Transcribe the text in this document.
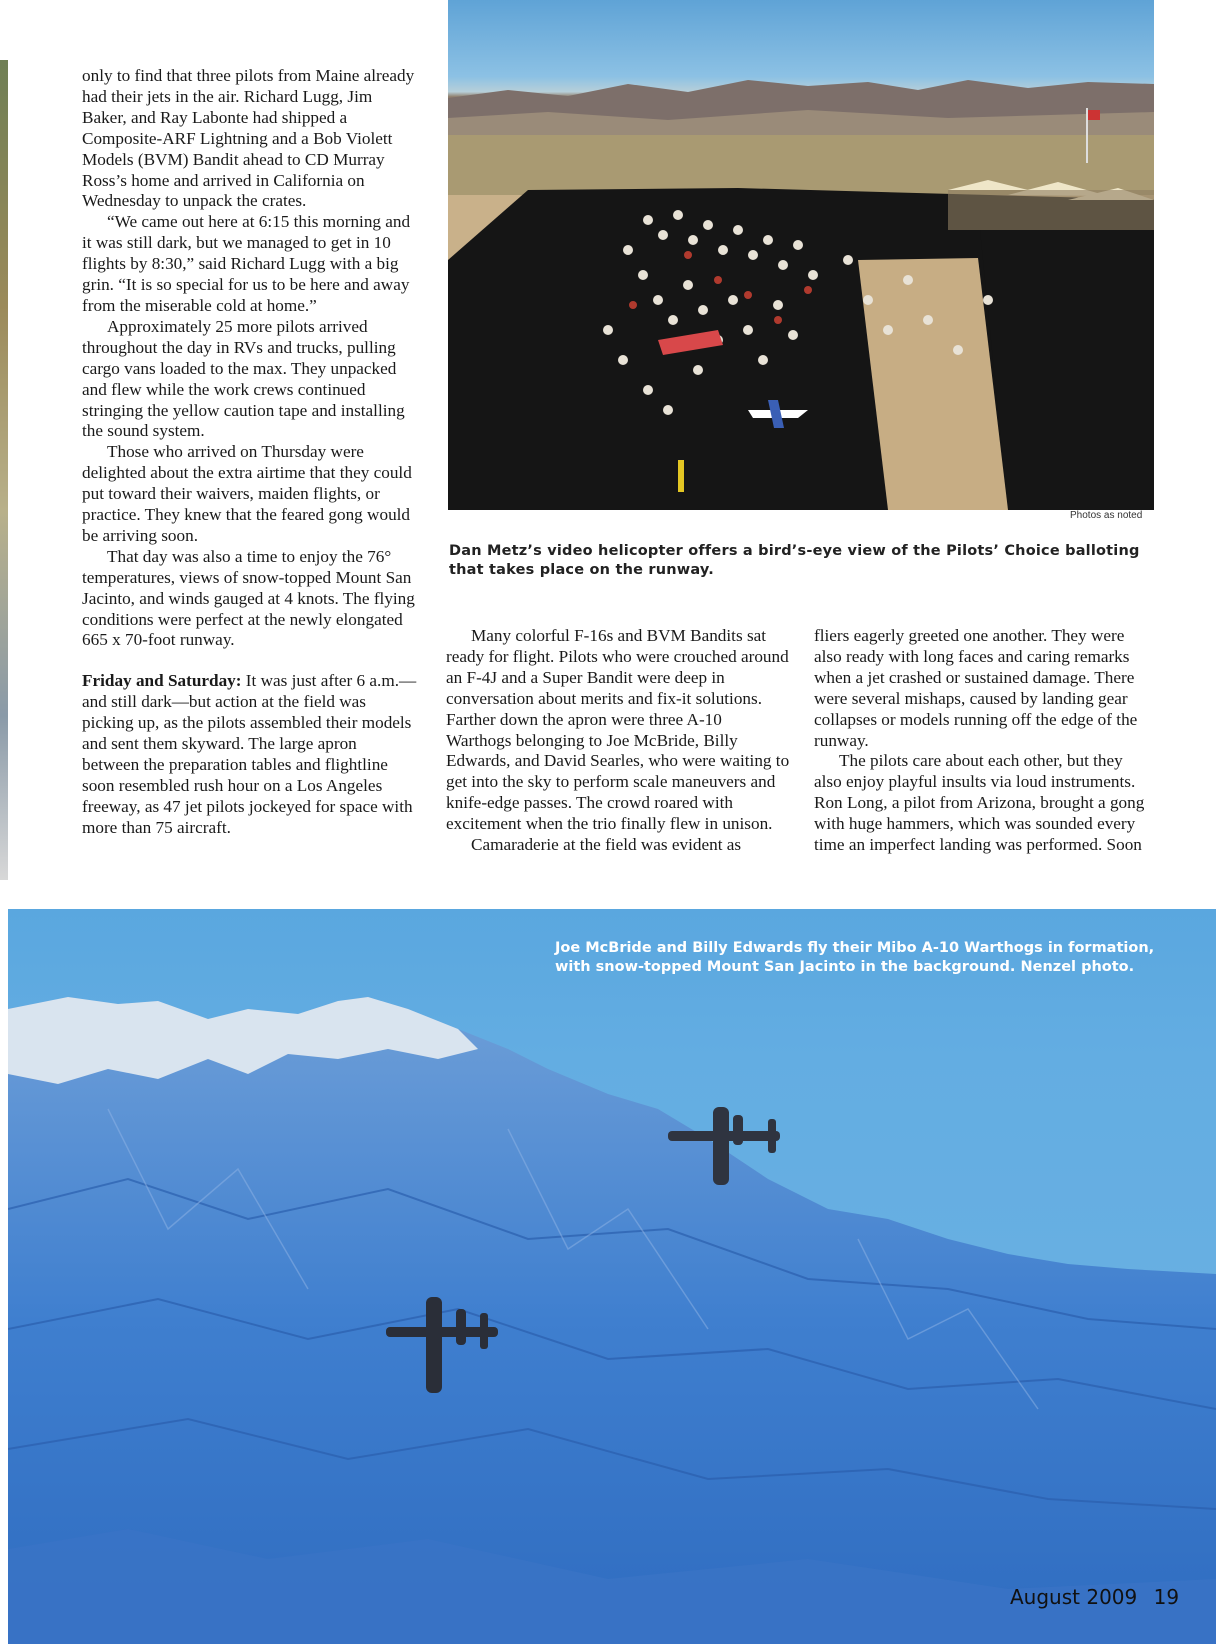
only to find that three pilots from Maine already had their jets in the air. Richard Lugg, Jim Baker, and Ray Labonte had shipped a Composite-ARF Lightning and a Bob Violett Models (BVM) Bandit ahead to CD Murray Ross’s home and arrived in California on Wednesday to unpack the crates.

“We came out here at 6:15 this morning and it was still dark, but we managed to get in 10 flights by 8:30,” said Richard Lugg with a big grin. “It is so special for us to be here and away from the miserable cold at home.”

Approximately 25 more pilots arrived throughout the day in RVs and trucks, pulling cargo vans loaded to the max. They unpacked and flew while the work crews continued stringing the yellow caution tape and installing the sound system.

Those who arrived on Thursday were delighted about the extra airtime that they could put toward their waivers, maiden flights, or practice. They knew that the feared gong would be arriving soon.

That day was also a time to enjoy the 76° temperatures, views of snow-topped Mount San Jacinto, and winds gauged at 4 knots. The flying conditions were perfect at the newly elongated 665 x 70-foot runway.

Friday and Saturday: It was just after 6 a.m.—and still dark—but action at the field was picking up, as the pilots assembled their models and sent them skyward. The large apron between the preparation tables and flightline soon resembled rush hour on a Los Angeles freeway, as 47 jet pilots jockeyed for space with more than 75 aircraft.

Photos as noted
Dan Metz’s video helicopter offers a bird’s-eye view of the Pilots’ Choice balloting that takes place on the runway.

Many colorful F-16s and BVM Bandits sat ready for flight. Pilots who were crouched around an F-4J and a Super Bandit were deep in conversation about merits and fix-it solutions. Farther down the apron were three A-10 Warthogs belonging to Joe McBride, Billy Edwards, and David Searles, who were waiting to get into the sky to perform scale maneuvers and knife-edge passes. The crowd roared with excitement when the trio finally flew in unison.

Camaraderie at the field was evident as

fliers eagerly greeted one another. They were also ready with long faces and caring remarks when a jet crashed or sustained damage. There were several mishaps, caused by landing gear collapses or models running off the edge of the runway.

The pilots care about each other, but they also enjoy playful insults via loud instruments. Ron Long, a pilot from Arizona, brought a gong with huge hammers, which was sounded every time an imperfect landing was performed. Soon

Joe McBride and Billy Edwards fly their Mibo A-10 Warthogs in formation, with snow-topped Mount San Jacinto in the background. Nenzel photo.
August 2009 19
